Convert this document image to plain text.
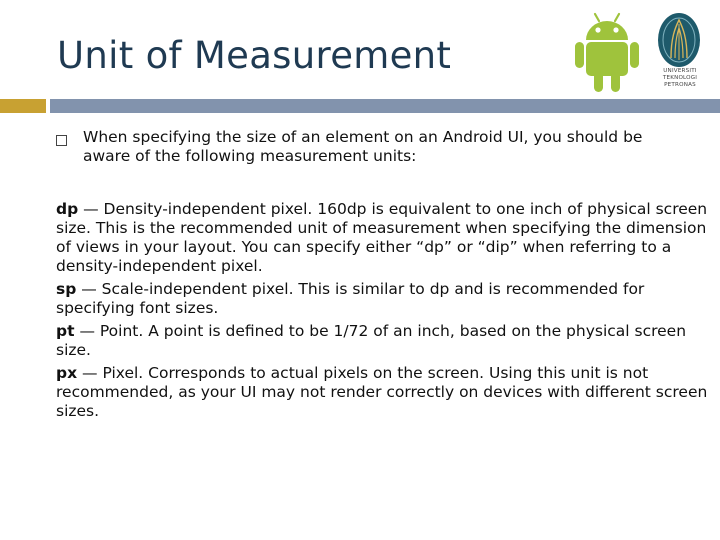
Unit of Measurement	UNIVERSITI
TEKNOLOGI
PETRONAS
When specifying the size of an element on an Android UI, you should be aware of the following measurement units:
dp — Density-independent pixel. 160dp is equivalent to one inch of physical screen size. This is the recommended unit of measurement when specifying the dimension of views in your layout. You can specify either “dp” or “dip” when referring to a density-independent pixel.
sp — Scale-independent pixel. This is similar to dp and is recommended for specifying font sizes.
pt — Point. A point is defined to be 1/72 of an inch, based on the physical screen size.
px — Pixel. Corresponds to actual pixels on the screen. Using this unit is not recommended, as your UI may not render correctly on devices with different screen sizes.
